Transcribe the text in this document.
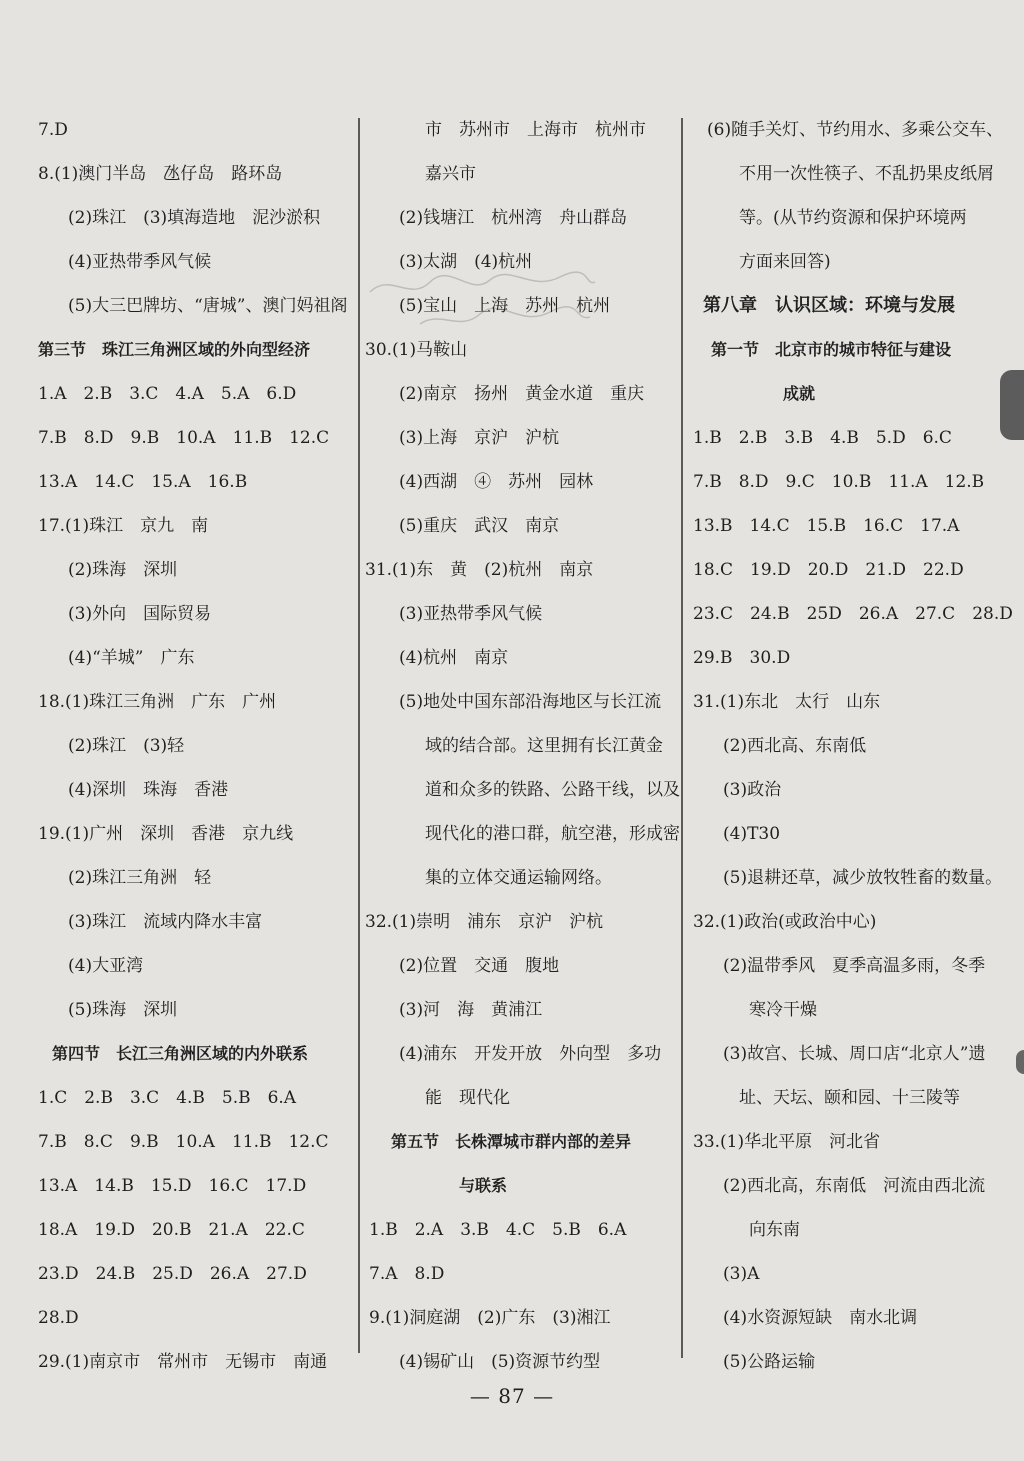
7.D
8.(1)澳门半岛　氹仔岛　路环岛
(2)珠江　(3)填海造地　泥沙淤积
(4)亚热带季风气候
(5)大三巴牌坊、“唐城”、澳门妈祖阁
第三节　珠江三角洲区域的外向型经济
1.A　2.B　3.C　4.A　5.A　6.D
7.B　8.D　9.B　10.A　11.B　12.C
13.A　14.C　15.A　16.B
17.(1)珠江　京九　南
(2)珠海　深圳
(3)外向　国际贸易
(4)“羊城”　广东
18.(1)珠江三角洲　广东　广州
(2)珠江　(3)轻
(4)深圳　珠海　香港
19.(1)广州　深圳　香港　京九线
(2)珠江三角洲　轻
(3)珠江　流域内降水丰富
(4)大亚湾
(5)珠海　深圳
第四节　长江三角洲区域的内外联系
1.C　2.B　3.C　4.B　5.B　6.A
7.B　8.C　9.B　10.A　11.B　12.C
13.A　14.B　15.D　16.C　17.D
18.A　19.D　20.B　21.A　22.C
23.D　24.B　25.D　26.A　27.D
28.D
29.(1)南京市　常州市　无锡市　南通
市　苏州市　上海市　杭州市
嘉兴市
(2)钱塘江　杭州湾　舟山群岛
(3)太湖　(4)杭州
(5)宝山　上海　苏州　杭州
30.(1)马鞍山
(2)南京　扬州　黄金水道　重庆
(3)上海　京沪　沪杭
(4)西湖　④　苏州　园林
(5)重庆　武汉　南京
31.(1)东　黄　(2)杭州　南京
(3)亚热带季风气候
(4)杭州　南京
(5)地处中国东部沿海地区与长江流
域的结合部。这里拥有长江黄金
道和众多的铁路、公路干线，以及
现代化的港口群，航空港，形成密
集的立体交通运输网络。
32.(1)崇明　浦东　京沪　沪杭
(2)位置　交通　腹地
(3)河　海　黄浦江
(4)浦东　开发开放　外向型　多功
能　现代化
第五节　长株潭城市群内部的差异
与联系
1.B　2.A　3.B　4.C　5.B　6.A
7.A　8.D
9.(1)洞庭湖　(2)广东　(3)湘江
(4)锡矿山　(5)资源节约型
(6)随手关灯、节约用水、多乘公交车、
不用一次性筷子、不乱扔果皮纸屑
等。(从节约资源和保护环境两
方面来回答)
第八章　认识区域：环境与发展
第一节　北京市的城市特征与建设
成就
1.B　2.B　3.B　4.B　5.D　6.C
7.B　8.D　9.C　10.B　11.A　12.B
13.B　14.C　15.B　16.C　17.A
18.C　19.D　20.D　21.D　22.D
23.C　24.B　25D　26.A　27.C　28.D
29.B　30.D
31.(1)东北　太行　山东
(2)西北高、东南低
(3)政治
(4)T30
(5)退耕还草，减少放牧牲畜的数量。
32.(1)政治(或政治中心)
(2)温带季风　夏季高温多雨，冬季
寒冷干燥
(3)故宫、长城、周口店“北京人”遗
址、天坛、颐和园、十三陵等
33.(1)华北平原　河北省
(2)西北高，东南低　河流由西北流
向东南
(3)A
(4)水资源短缺　南水北调
(5)公路运输
— 87 —
